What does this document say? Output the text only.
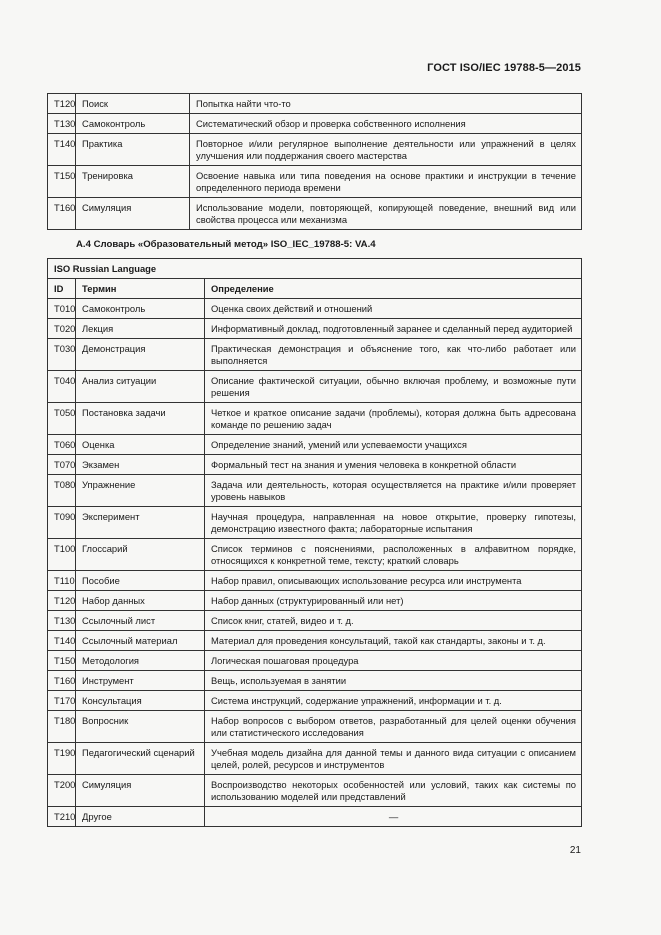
ГОСТ ISO/IEC 19788-5—2015
T120	Поиск	Попытка найти что-то
T130	Самоконтроль	Систематический обзор и проверка собственного исполнения
T140	Практика	Повторное и/или регулярное выполнение деятельности или упражнений в целях улучшения или поддержания своего мастерства
T150	Тренировка	Освоение навыка или типа поведения на основе практики и инструкции в течение определенного периода времени
T160	Симуляция	Использование модели, повторяющей, копирующей поведение, внешний вид или свойства процесса или механизма
А.4 Словарь «Образовательный метод» ISO_IEC_19788-5: VA.4
ISO Russian Language		
ID	Термин	Определение
T010	Самоконтроль	Оценка своих действий и отношений
T020	Лекция	Информативный доклад, подготовленный заранее и сделанный перед аудиторией
T030	Демонстрация	Практическая демонстрация и объяснение того, как что-либо работает или выполняется
T040	Анализ ситуации	Описание фактической ситуации, обычно включая проблему, и возможные пути решения
T050	Постановка задачи	Четкое и краткое описание задачи (проблемы), которая должна быть адресована команде по решению задач
T060	Оценка	Определение знаний, умений или успеваемости учащихся
T070	Экзамен	Формальный тест на знания и умения человека в конкретной области
T080	Упражнение	Задача или деятельность, которая осуществляется на практике и/или проверяет уровень навыков
T090	Эксперимент	Научная процедура, направленная на новое открытие, проверку гипотезы, демонстрацию известного факта; лабораторные испытания
T100	Глоссарий	Список терминов с пояснениями, расположенных в алфавитном порядке, относящихся к конкретной теме, тексту; краткий словарь
T110	Пособие	Набор правил, описывающих использование ресурса или инструмента
T120	Набор данных	Набор данных (структурированный или нет)
T130	Ссылочный лист	Список книг, статей, видео и т. д.
T140	Ссылочный материал	Материал для проведения консультаций, такой как стандарты, законы и т. д.
T150	Методология	Логическая пошаговая процедура
T160	Инструмент	Вещь, используемая в занятии
T170	Консультация	Система инструкций, содержание упражнений, информации и т. д.
T180	Вопросник	Набор вопросов с выбором ответов, разработанный для целей оценки обучения или статистического исследования
T190	Педагогический сценарий	Учебная модель дизайна для данной темы и данного вида ситуации с описанием целей, ролей, ресурсов и инструментов
T200	Симуляция	Воспроизводство некоторых особенностей или условий, таких как системы по использованию моделей или представлений
T210	Другое	—
21
